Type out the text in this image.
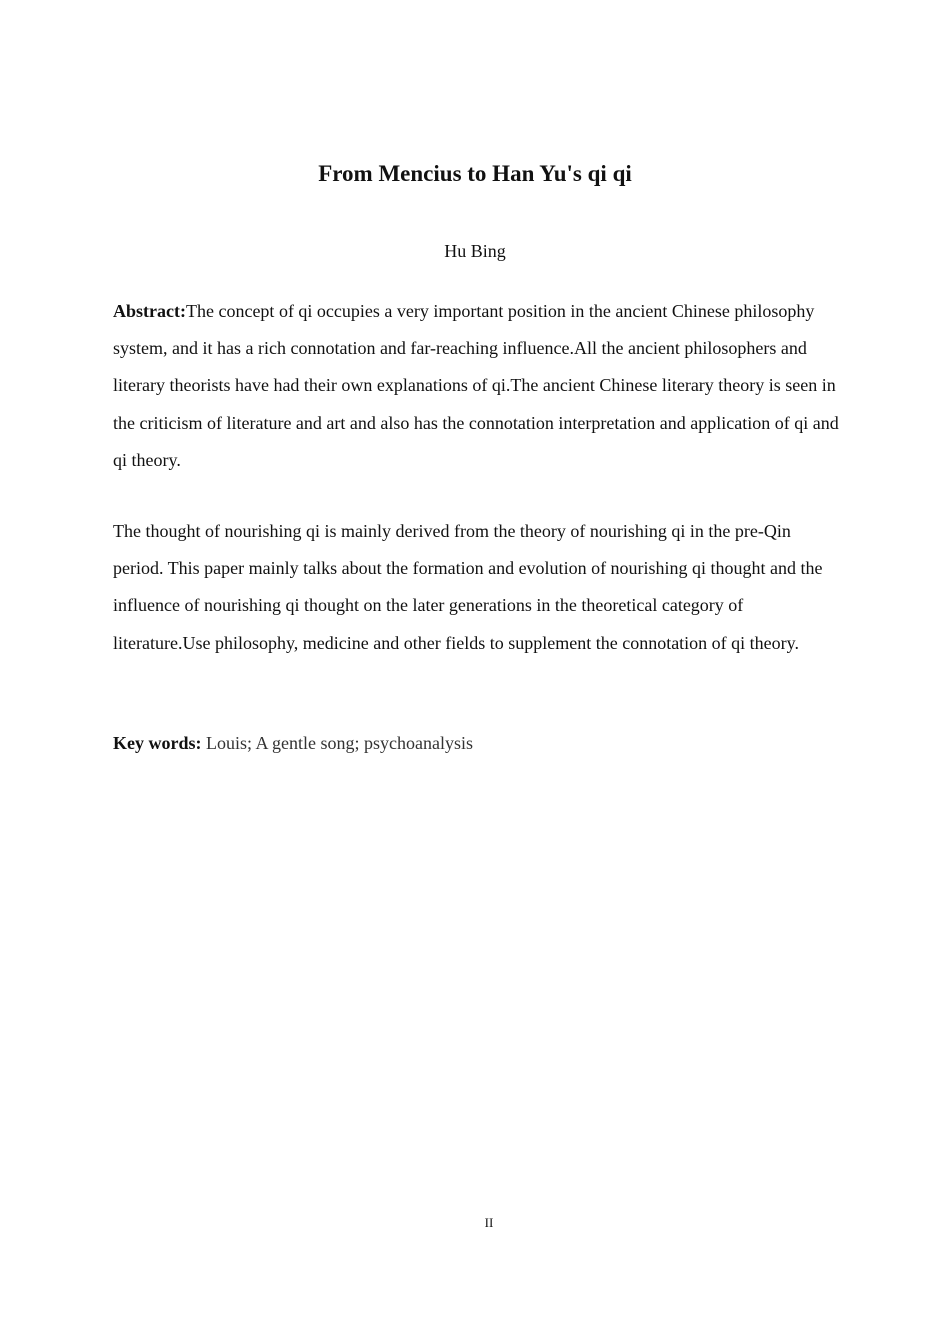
From Mencius to Han Yu's qi qi
Hu Bing

Abstract:The concept of qi occupies a very important position in the ancient Chinese philosophy system, and it has a rich connotation and far-reaching influence.All the ancient philosophers and literary theorists have had their own explanations of qi.The ancient Chinese literary theory is seen in the criticism of literature and art and also has the connotation interpretation and application of qi and qi theory.

The thought of nourishing qi is mainly derived from the theory of nourishing qi in the pre-Qin period. This paper mainly talks about the formation and evolution of nourishing qi thought and the influence of nourishing qi thought on the later generations in the theoretical category of literature.Use philosophy, medicine and other fields to supplement the connotation of qi theory.

Key words: Louis; A gentle song; psychoanalysis
II
